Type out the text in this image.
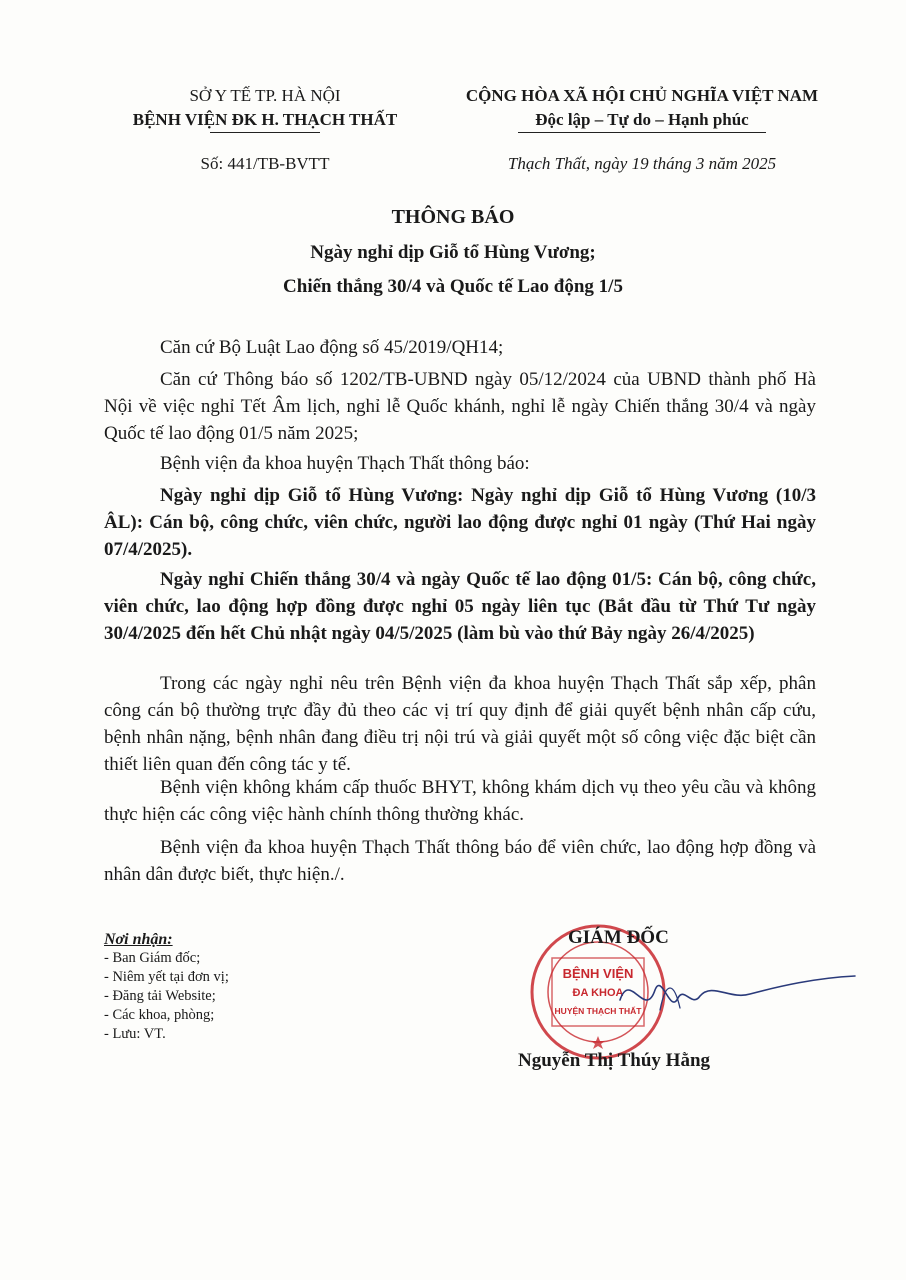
SỞ Y TẾ TP. HÀ NỘI
BỆNH VIỆN ĐK H. THẠCH THẤT
Số: 441/TB-BVTT
CỘNG HÒA XÃ HỘI CHỦ NGHĨA VIỆT NAM
Độc lập – Tự do – Hạnh phúc
Thạch Thất, ngày 19 tháng 3 năm 2025
THÔNG BÁO
Ngày nghỉ dịp Giỗ tổ Hùng Vương;
Chiến thắng 30/4 và Quốc tế Lao động 1/5
Căn cứ Bộ Luật Lao động số 45/2019/QH14;
Căn cứ Thông báo số 1202/TB-UBND ngày 05/12/2024 của UBND thành phố Hà Nội về việc nghỉ Tết Âm lịch, nghỉ lễ Quốc khánh, nghỉ lễ ngày Chiến thắng 30/4 và ngày Quốc tế lao động 01/5 năm 2025;
Bệnh viện đa khoa huyện Thạch Thất thông báo:
Ngày nghỉ dịp Giỗ tổ Hùng Vương: Ngày nghỉ dịp Giỗ tổ Hùng Vương (10/3 ÂL): Cán bộ, công chức, viên chức, người lao động được nghỉ 01 ngày (Thứ Hai ngày 07/4/2025).
Ngày nghỉ Chiến thắng 30/4 và ngày Quốc tế lao động 01/5: Cán bộ, công chức, viên chức, lao động hợp đồng được nghỉ 05 ngày liên tục (Bắt đầu từ Thứ Tư ngày 30/4/2025 đến hết Chủ nhật ngày 04/5/2025 (làm bù vào thứ Bảy ngày 26/4/2025)
Trong các ngày nghỉ nêu trên Bệnh viện đa khoa huyện Thạch Thất sắp xếp, phân công cán bộ thường trực đầy đủ theo các vị trí quy định để giải quyết bệnh nhân cấp cứu, bệnh nhân nặng, bệnh nhân đang điều trị nội trú và giải quyết một số công việc đặc biệt cần thiết liên quan đến công tác y tế.
Bệnh viện không khám cấp thuốc BHYT, không khám dịch vụ theo yêu cầu và không thực hiện các công việc hành chính thông thường khác.
Bệnh viện đa khoa huyện Thạch Thất thông báo để viên chức, lao động hợp đồng và nhân dân được biết, thực hiện./.
Nơi nhận:
- Ban Giám đốc;
- Niêm yết tại đơn vị;
- Đăng tải Website;
- Các khoa, phòng;
- Lưu: VT.
BỆNH VIỆN
ĐA KHOA
HUYỆN THẠCH THẤT
GIÁM ĐỐC
Nguyễn Thị Thúy Hằng
